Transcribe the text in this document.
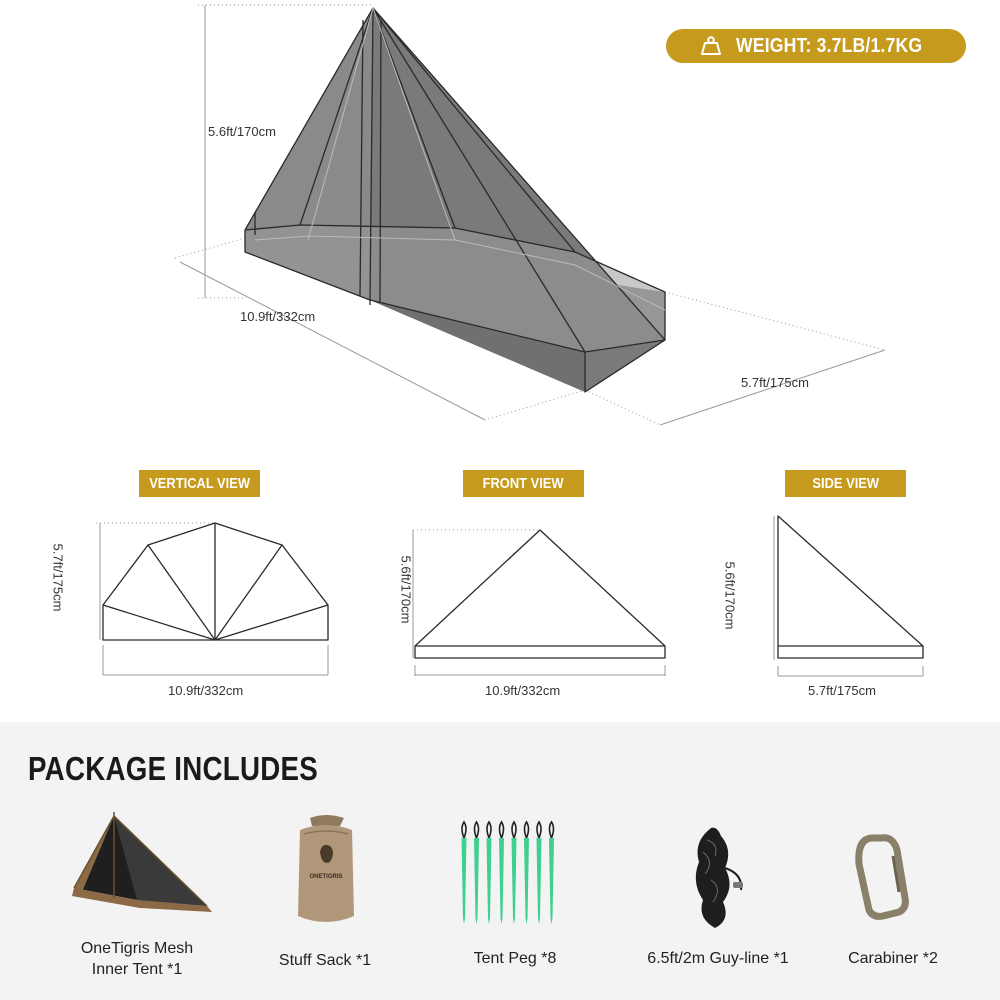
5.6ft/170cm
10.9ft/332cm
5.7ft/175cm
WEIGHT: 3.7LB/1.7KG
VERTICAL VIEW	FRONT VIEW	SIDE VIEW
5.7ft/175cm
10.9ft/332cm
5.6ft/170cm
10.9ft/332cm
5.6ft/170cm
5.7ft/175cm
PACKAGE INCLUDES
OneTigris Mesh
Inner Tent *1
ONETIGRIS
Stuff Sack *1	Tent Peg *8	6.5ft/2m Guy-line *1	Carabiner *2
